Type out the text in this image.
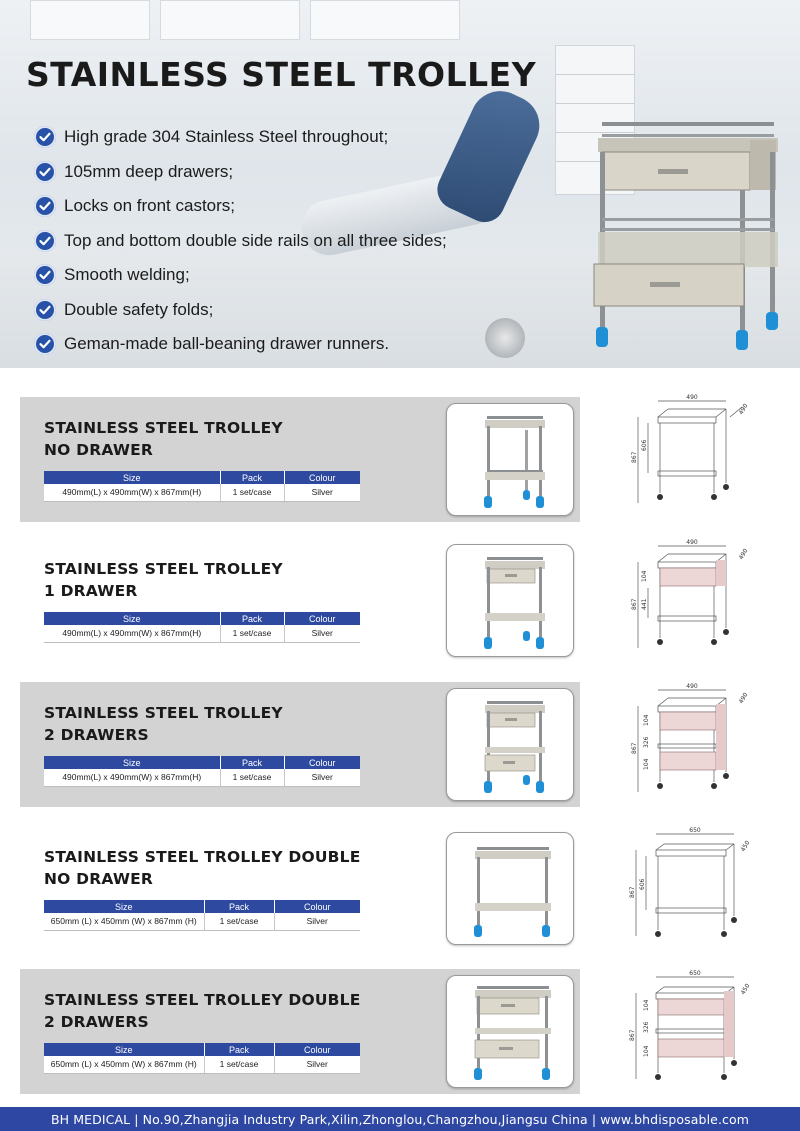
STAINLESS STEEL TROLLEY
High grade 304 Stainless Steel throughout;
105mm deep drawers;
Locks on front castors;
Top and bottom double side rails on all three sides;
Smooth welding;
Double safety folds;
Geman-made ball-beaning drawer runners.
STAINLESS STEEL TROLLEY
NO DRAWER
Size	Pack	Colour
490mm(L) x 490mm(W) x 867mm(H)	1 set/case	Silver
490
490
867
606
STAINLESS STEEL TROLLEY
1 DRAWER
Size	Pack	Colour
490mm(L) x 490mm(W) x 867mm(H)	1 set/case	Silver
490
490
867
104
441
STAINLESS STEEL TROLLEY
2 DRAWERS
Size	Pack	Colour
490mm(L) x 490mm(W) x 867mm(H)	1 set/case	Silver
490
490
867
104
326
104
STAINLESS STEEL TROLLEY DOUBLE
NO DRAWER
Size	Pack	Colour
650mm (L) x 450mm (W) x 867mm (H)	1 set/case	Silver
650
450
867
606
STAINLESS STEEL TROLLEY DOUBLE
2 DRAWERS
Size	Pack	Colour
650mm (L) x 450mm (W) x 867mm (H)	1 set/case	Silver
650
450
867
104
326
104
BH MEDICAL | No.90,Zhangjia Industry Park,Xilin,Zhonglou,Changzhou,Jiangsu China | www.bhdisposable.com
